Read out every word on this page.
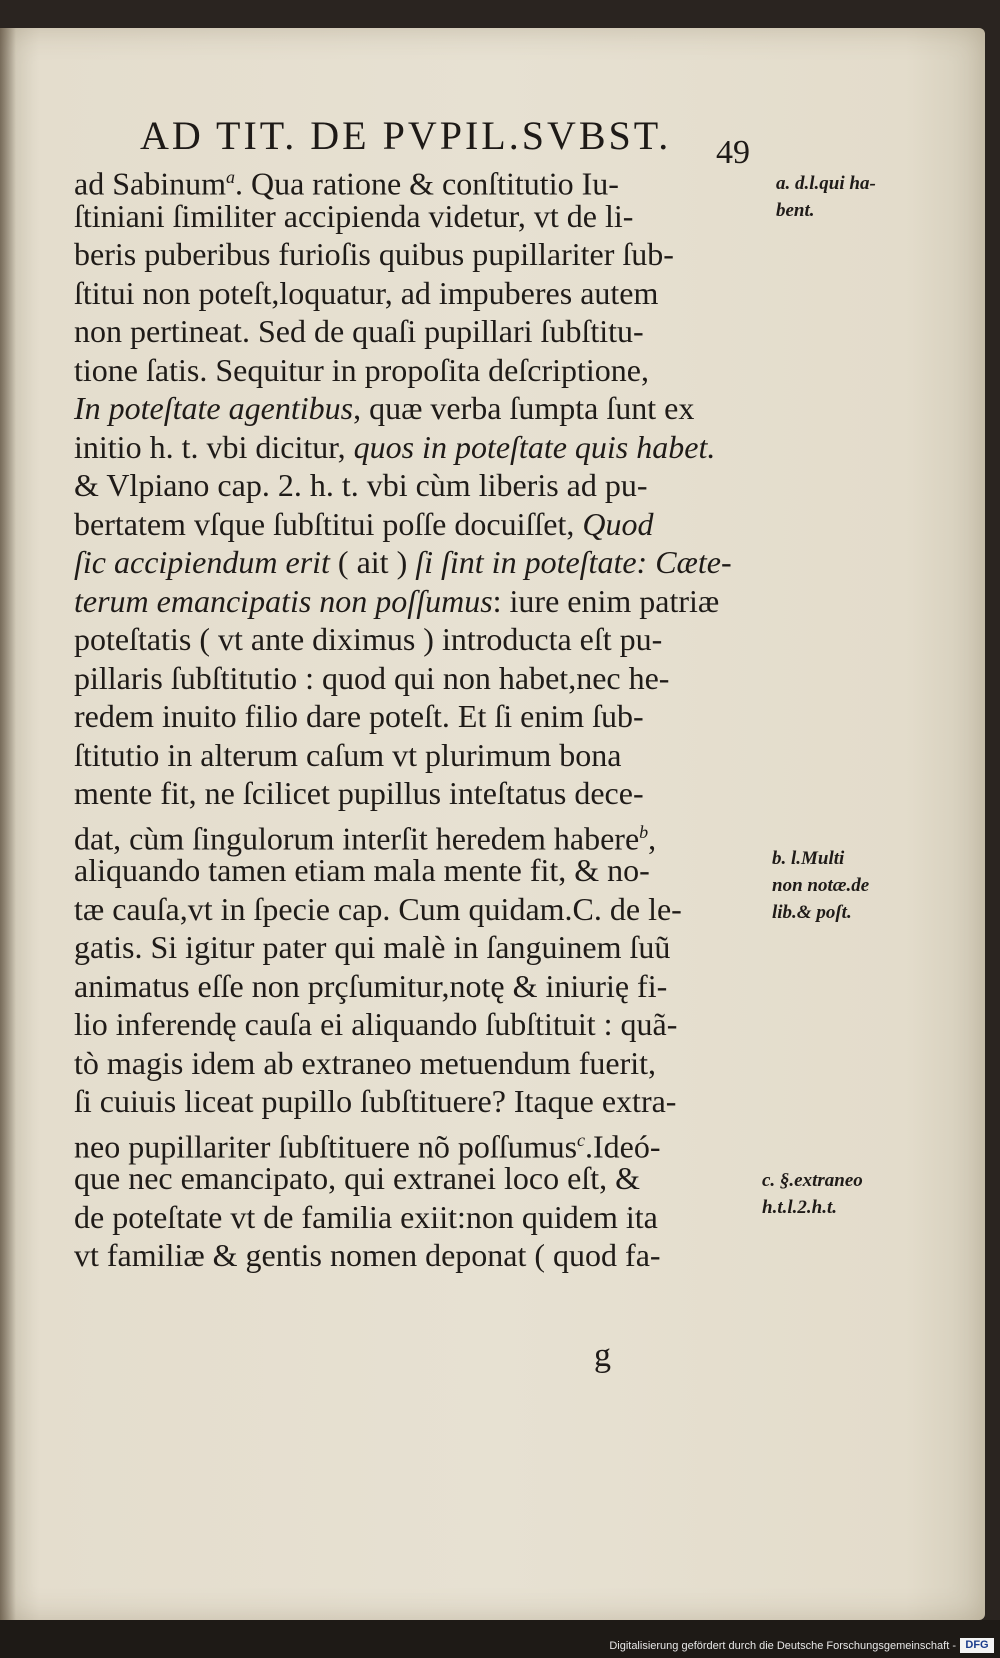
AD TIT. DE PVPIL.SVBST.	49
ad Sabinum$^a$. Qua ratione & conſtitutio Iu-
ſtiniani ſimiliter accipienda videtur, vt de li-
beris puberibus furioſis quibus pupillariter ſub-
ſtitui non poteſt,loquatur, ad impuberes autem
non pertineat. Sed de quaſi pupillari ſubſtitu-
tione ſatis. Sequitur in propoſita deſcriptione,
In poteſtate agentibus, quæ verba ſumpta ſunt ex
initio h. t. vbi dicitur, quos in poteſtate quis habet.
& Vlpiano cap. 2. h. t. vbi cùm liberis ad pu-
bertatem vſque ſubſtitui poſſe docuiſſet, Quod
ſic accipiendum erit ( ait ) ſi ſint in poteſtate: Cæte-
terum emancipatis non poſſumus: iure enim patriæ
poteſtatis ( vt ante diximus ) introducta eſt pu-
pillaris ſubſtitutio : quod qui non habet,nec he-
redem inuito filio dare poteſt. Et ſi enim ſub-
ſtitutio in alterum caſum vt plurimum bona
mente fit, ne ſcilicet pupillus inteſtatus dece-
dat, cùm ſingulorum interſit heredem habere$^b$,
aliquando tamen etiam mala mente fit, & no-
tæ cauſa,vt in ſpecie cap. Cum quidam.C. de le-
gatis. Si igitur pater qui malè in ſanguinem ſuũ
animatus eſſe non prçſumitur,notę & iniurię fi-
lio inferendę cauſa ei aliquando ſubſtituit : quã-
tò magis idem ab extraneo metuendum fuerit,
ſi cuiuis liceat pupillo ſubſtituere? Itaque extra-
neo pupillariter ſubſtituere nõ poſſumus$^c$.Ideó-
que nec emancipato, qui extranei loco eſt, &
de poteſtate vt de familia exiit:non quidem ita
vt familiæ & gentis nomen deponat ( quod fa-
a. d.l.qui ha-
bent.
b. l.Multi
non notæ.de
lib.& poſt.
c. §.extraneo
h.t.l.2.h.t.
g
Digitalisierung gefördert durch die Deutsche Forschungsgemeinschaft - DFG
